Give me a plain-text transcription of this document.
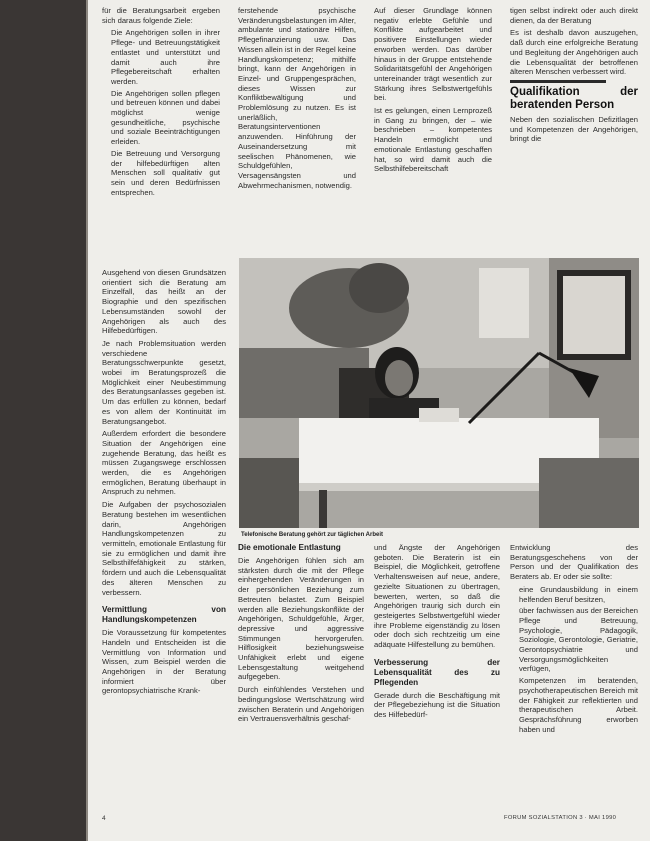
für die Beratungsarbeit ergeben sich daraus folgende Ziele:

• Die Angehörigen sollen in ihrer Pflege- und Betreuungstätigkeit entlastet und unterstützt und damit auch ihre Pflegebereitschaft erhalten werden.
• Die Angehörigen sollen pflegen und betreuen können und dabei möglichst wenige gesundheitliche, psychische und soziale Beeinträchtigungen erleiden.
• Die Betreuung und Versorgung der hilfebedürftigen alten Menschen soll qualitativ gut sein und deren Bedürfnissen entsprechen.

ferstehende psychische Veränderungsbelastungen im Alter, ambulante und stationäre Hilfen, Pflegefinanzierung usw. Das Wissen allein ist in der Regel keine Handlungskompetenz; mithilfe bringt, kann der Angehörigen in Einzel- und Gruppengesprächen, dieses Wissen zur Konfliktbewältigung und Problemlösung zu nutzen. Es ist unerläßlich, Beratungsinterventionen anzuwenden. Hinführung der Auseinandersetzung mit seelischen Phänomenen, wie Schuldgefühlen, Versagensängsten und Abwehrmechanismen, notwendig.

Auf dieser Grundlage können negativ erlebte Gefühle und Konflikte aufgearbeitet und positivere Einstellungen wieder erworben werden. Das darüber hinaus in der Gruppe entstehende Solidaritätsgefühl der Angehörigen untereinander trägt wesentlich zur Stärkung ihres Selbstwertgefühls bei.

Ist es gelungen, einen Lernprozeß in Gang zu bringen, der – wie beschrieben – kompetentes Handeln ermöglicht und emotionale Entlastung geschaffen hat, so wird damit auch die Selbsthilfebereitschaft

tigen selbst indirekt oder auch direkt dienen, da der Beratung

Es ist deshalb davon auszugehen, daß durch eine erfolgreiche Beratung und Begleitung der Angehörigen auch die Lebensqualität der betroffenen älteren Menschen verbessert wird.

Qualifikation der beratenden Person

Neben den sozialischen Defizitlagen und Kompetenzen der Angehörigen, bringt die

Ausgehend von diesen Grundsätzen orientiert sich die Beratung am Einzelfall, das heißt an der Biographie und den spezifischen Lebensumständen sowohl der Angehörigen als auch des Hilfebedürftigen.

Je nach Problemsituation werden verschiedene Beratungsschwerpunkte gesetzt, wobei im Beratungsprozeß die Möglichkeit einer Neubestimmung des Beratungsanlasses gegeben ist. Um das erfüllen zu können, bedarf es von allem der Kontinuität im Beratungsangebot.

Außerdem erfordert die besondere Situation der Angehörigen eine zugehende Beratung, das heißt es müssen Zugangswege erschlossen werden, die es Angehörigen ermöglichen, Beratung überhaupt in Anspruch zu nehmen.

Die Aufgaben der psychosozialen Beratung bestehen im wesentlichen darin, Angehörigen Handlungskompetenzen zu vermitteln, emotionale Entlastung für sie zu ermöglichen und damit ihre Selbsthilfefähigkeit zu stärken, fördern und auch die Lebensqualität des älteren Menschen zu verbessern.

Vermittlung von Handlungskompetenzen

Die Voraussetzung für kompetentes Handeln und Entscheiden ist die Vermittlung von Information und Wissen, zum Beispiel werden die Angehörigen in der Beratung informiert über gerontopsychiatrische Krank-

Telefonische Beratung gehört zur täglichen Arbeit
Die emotionale Entlastung

Die Angehörigen fühlen sich am stärksten durch die mit der Pflege einhergehenden Veränderungen in der persönlichen Beziehung zum Betreuten belastet. Zum Beispiel werden alle Beziehungskonflikte der Angehörigen, Schuldgefühle, Ärger, depressive und aggressive Stimmungen hervorgerufen. Hilflosigkeit beziehungsweise Unfähigkeit erlebt und eigene Lebensgestaltung weitgehend aufgegeben.

Durch einfühlendes Verstehen und bedingungslose Wertschätzung wird zwischen Beraterin und Angehörigen ein Vertrauensverhältnis geschaf-

und Ängste der Angehörigen geboten. Die Beraterin ist ein Beispiel, die Möglichkeit, getroffene Verhaltensweisen auf neue, andere, gezielte Situationen zu übertragen, bewerten, werten, so daß die Angehörigen traurig sich durch ein gesteigertes Selbstwertgefühl wieder ihre Probleme eigenständig zu lösen oder doch sich rechtzeitig um eine adäquate Hilfestellung zu bemühen.

Verbesserung der Lebensqualität des zu Pflegenden

Gerade durch die Beschäftigung mit der Pflegebeziehung ist die Situation des Hilfebedürf-

Entwicklung des Beratungsgeschehens von der Person und der Qualifikation des Beraters ab. Er oder sie sollte:

• eine Grundausbildung in einem helfenden Beruf besitzen,
• über fachwissen aus der Bereichen Pflege und Betreuung, Psychologie, Pädagogik, Soziologie, Gerontologie, Geriatrie, Gerontopsychiatrie und Versorgungsmöglichkeiten verfügen,
• Kompetenzen im beratenden, psychotherapeutischen Bereich mit der Fähigkeit zur reflektierten und therapeutischen Arbeit. Gesprächsführung erworben haben und
4	FORUM SOZIALSTATION 3 · MAI 1990
